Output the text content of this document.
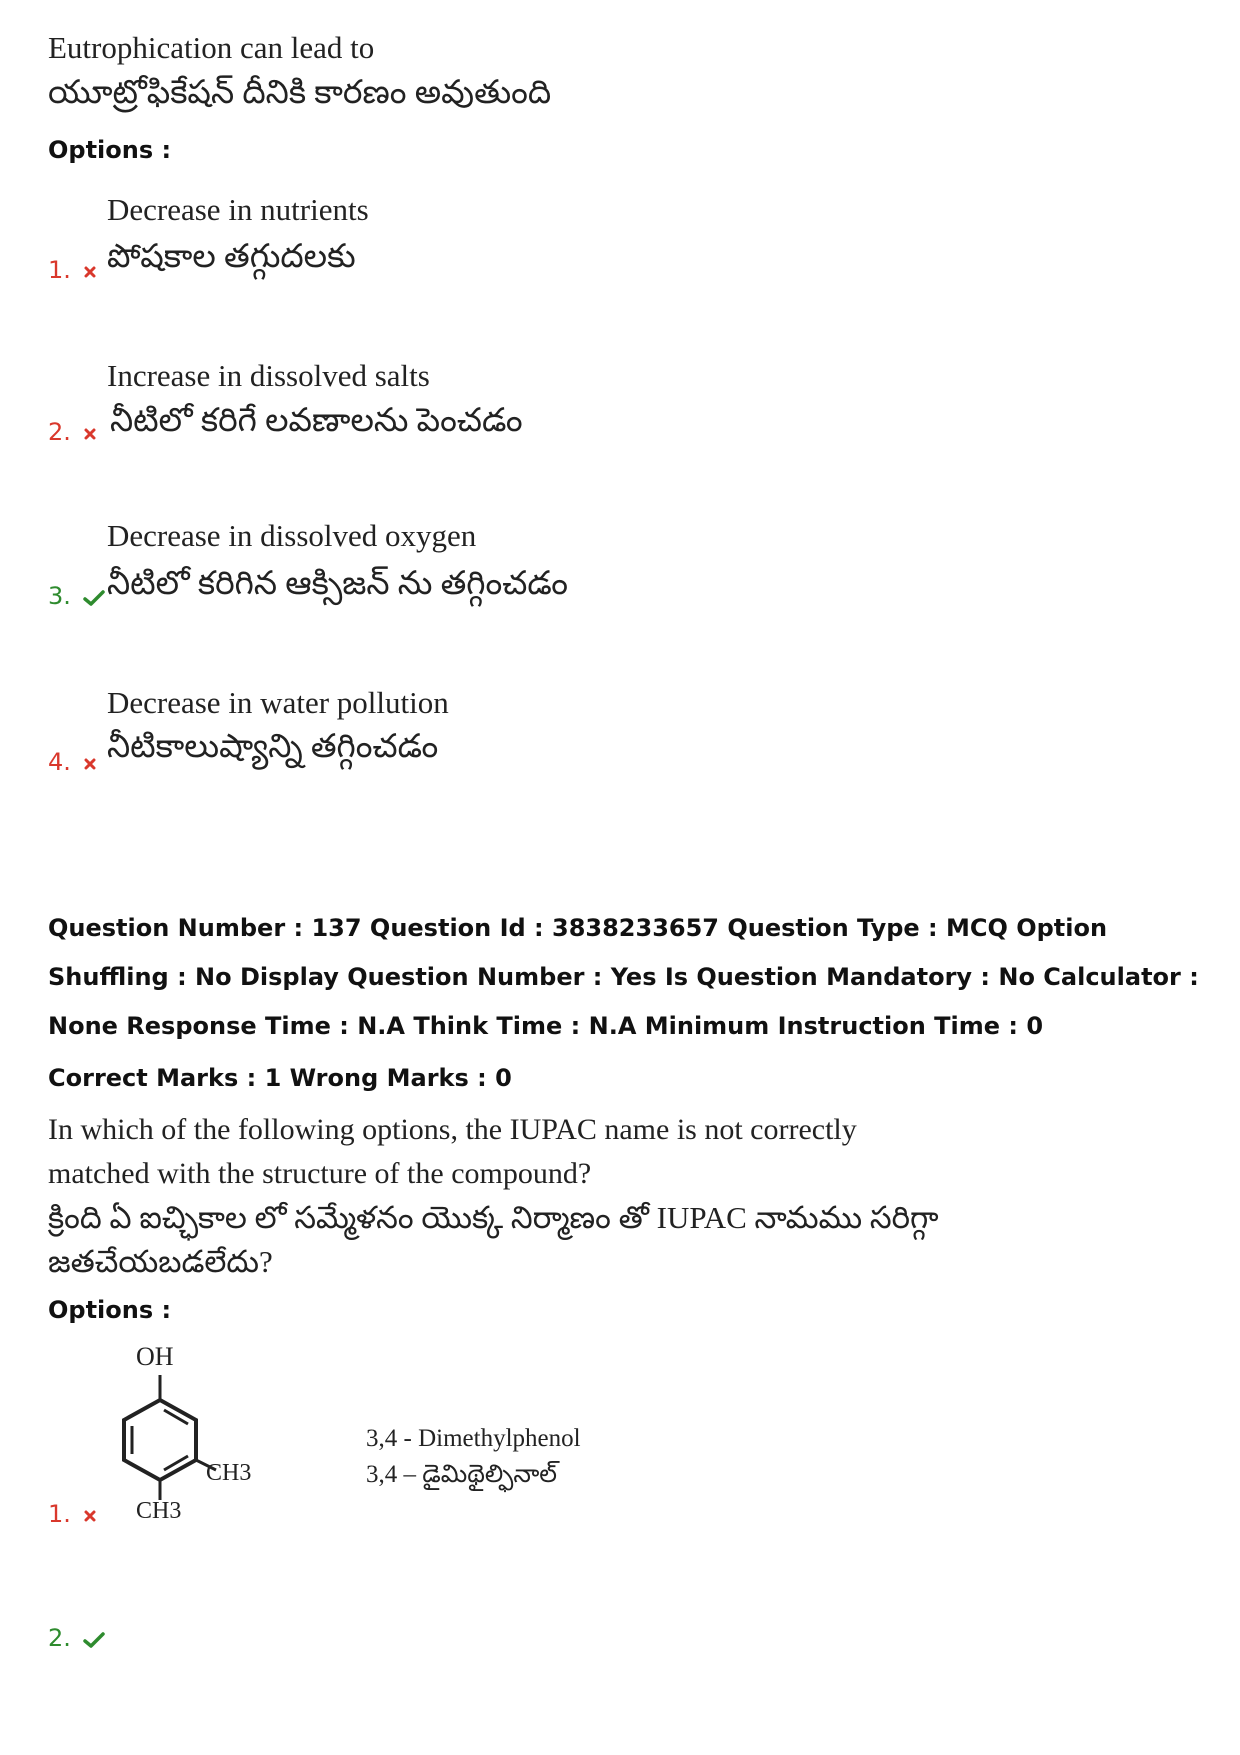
Eutrophication can lead to
యూట్రోఫికేషన్ దీనికి కారణం అవుతుంది
Options :
Decrease in nutrients
1.	పోషకాల తగ్గుదలకు
Increase in dissolved salts
2.	నీటిలో కరిగే లవణాలను పెంచడం
Decrease in dissolved oxygen
3.	నీటిలో కరిగిన ఆక్సిజన్ ను తగ్గించడం
Decrease in water pollution
4.	నీటికాలుష్యాన్ని తగ్గించడం
Question Number : 137 Question Id : 3838233657 Question Type : MCQ Option Shuffling : No Display Question Number : Yes Is Question Mandatory : No Calculator : None Response Time : N.A Think Time : N.A Minimum Instruction Time : 0
Correct Marks : 1 Wrong Marks : 0
In which of the following options, the IUPAC name is not correctly matched with the structure of the compound?
క్రింది ఏ ఐచ్ఛికాల లో సమ్మేళనం యొక్క నిర్మాణం తో IUPAC నామము సరిగ్గా జతచేయబడలేదు?
Options :
1.
OH
CH3
CH3
3,4 - Dimethylphenol
3,4 – డైమిథైల్ఫినాల్
2.
